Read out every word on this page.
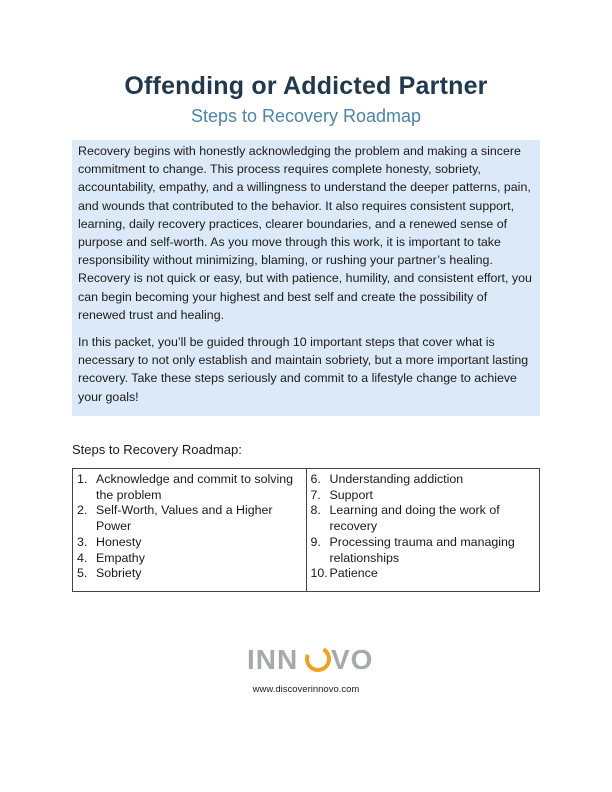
Offending or Addicted Partner
Steps to Recovery Roadmap

Recovery begins with honestly acknowledging the problem and making a sincere commitment to change. This process requires complete honesty, sobriety, accountability, empathy, and a willingness to understand the deeper patterns, pain, and wounds that contributed to the behavior. It also requires consistent support, learning, daily recovery practices, clearer boundaries, and a renewed sense of purpose and self-worth. As you move through this work, it is important to take responsibility without minimizing, blaming, or rushing your partner’s healing. Recovery is not quick or easy, but with patience, humility, and consistent effort, you can begin becoming your highest and best self and create the possibility of renewed trust and healing.

In this packet, you’ll be guided through 10 important steps that cover what is necessary to not only establish and maintain sobriety, but a more important lasting recovery. Take these steps seriously and commit to a lifestyle change to achieve your goals!

Steps to Recovery Roadmap:
1. Acknowledge and commit to solving the problem
2. Self-Worth, Values and a Higher Power
3. Honesty
4. Empathy
5. Sobriety

6. Understanding addiction
7. Support
8. Learning and doing the work of recovery
9. Processing trauma and managing relationships
10. Patience
INN VO
www.discoverinnovo.com
